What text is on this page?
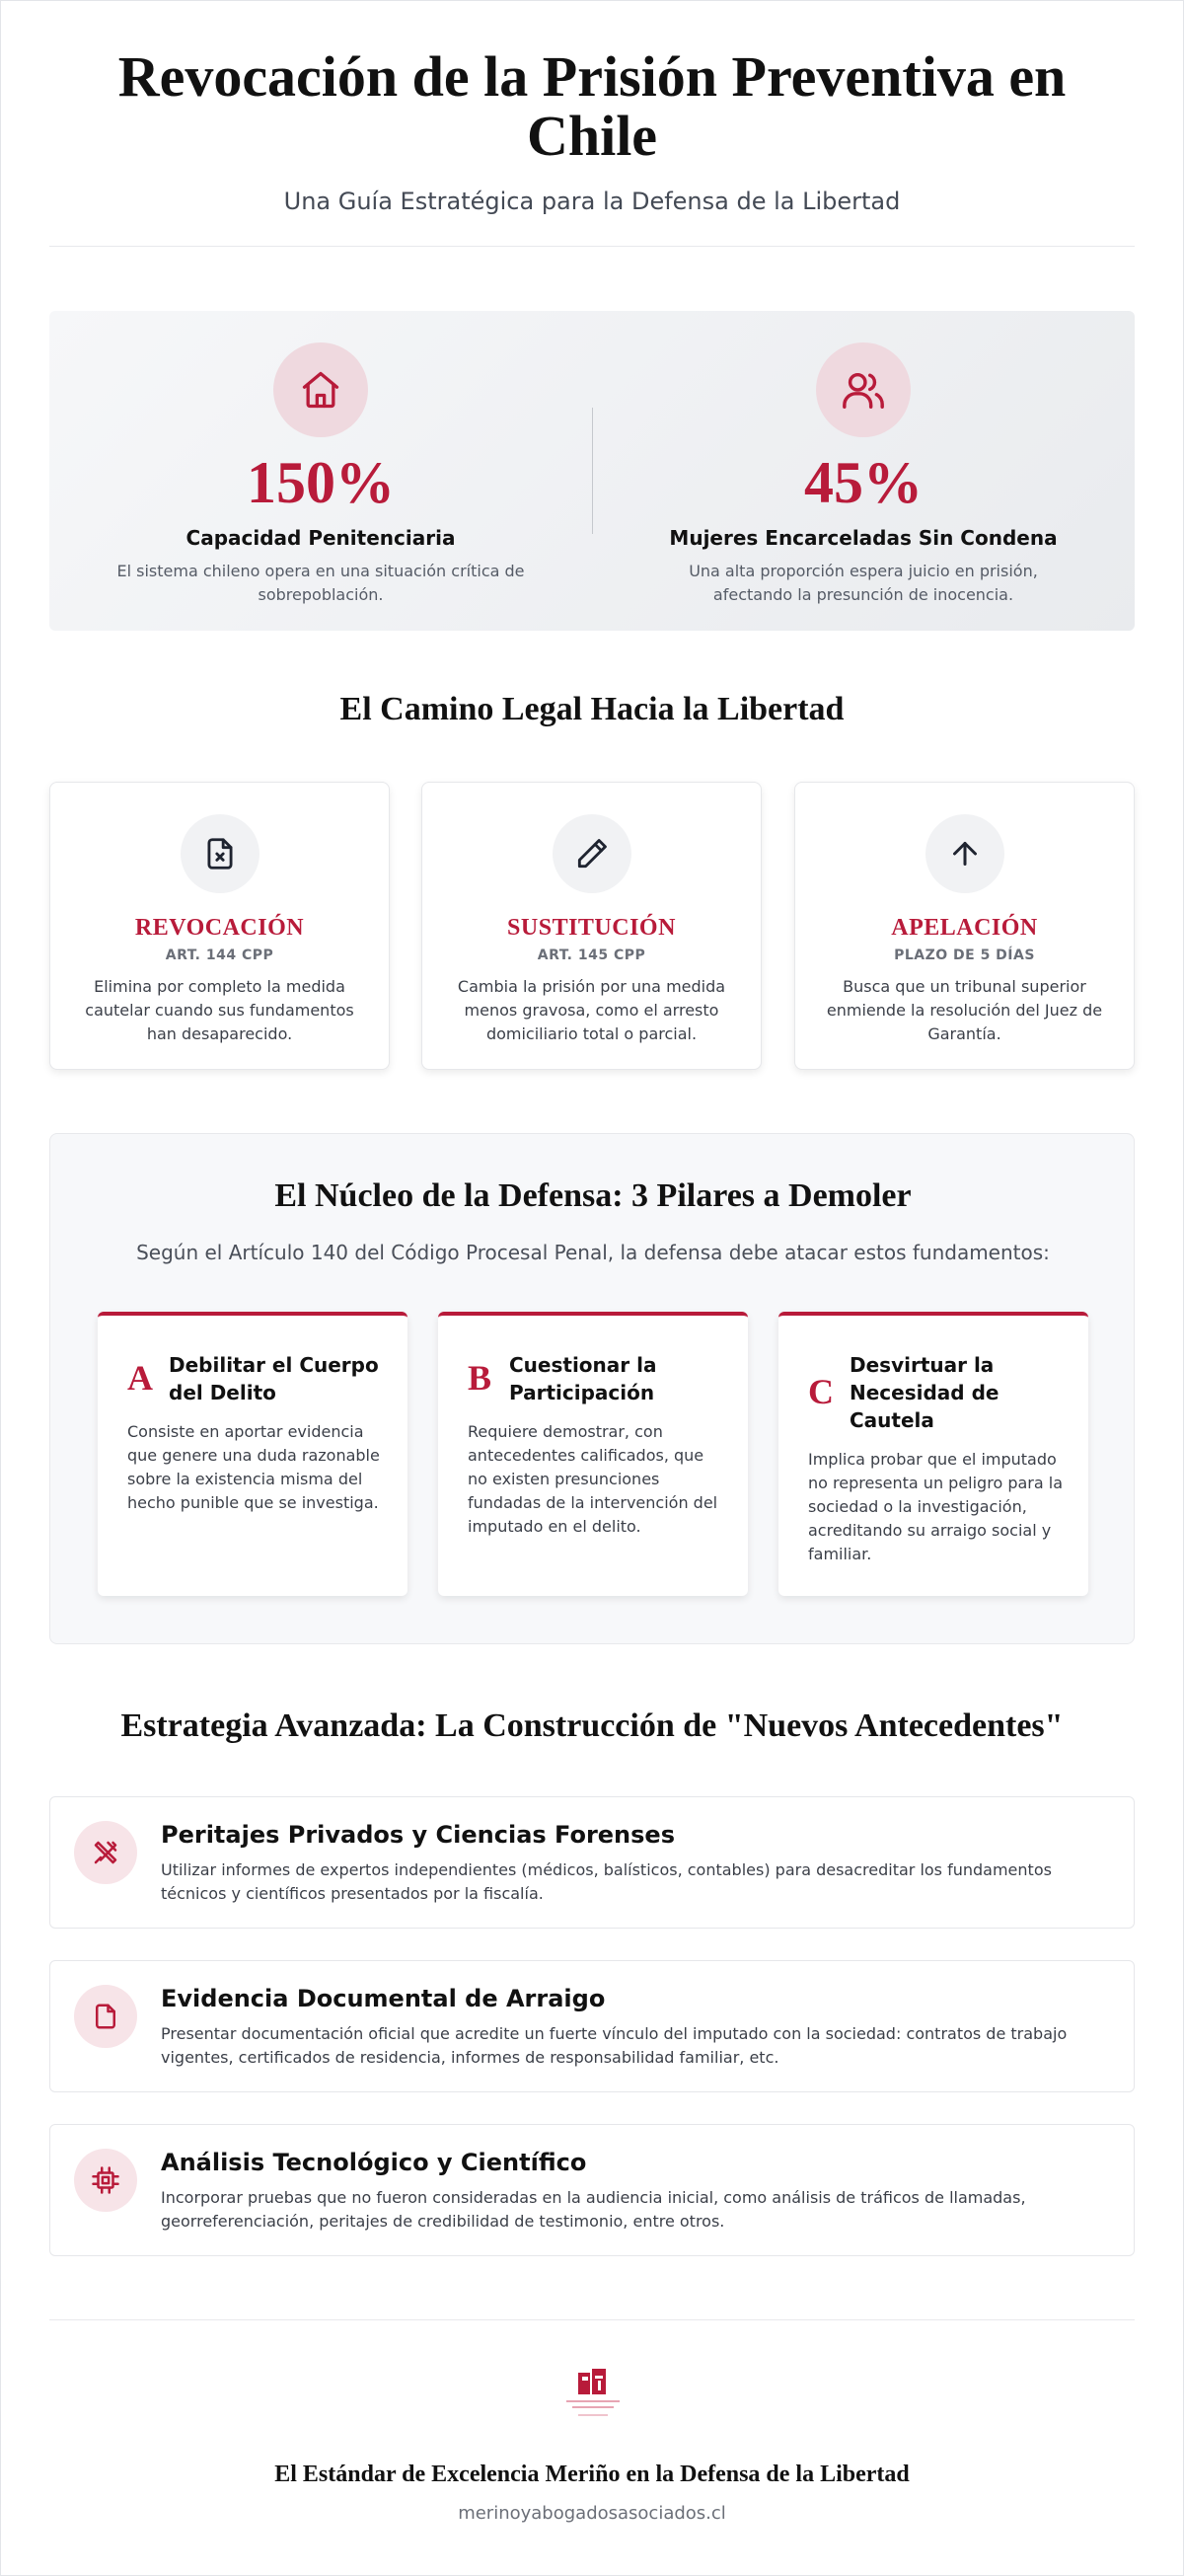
Revocación de la Prisión Preventiva en Chile
Una Guía Estratégica para la Defensa de la Libertad
150%
Capacidad Penitenciaria
El sistema chileno opera en una situación crítica de sobrepoblación.
45%
Mujeres Encarceladas Sin Condena
Una alta proporción espera juicio en prisión, afectando la presunción de inocencia.
El Camino Legal Hacia la Libertad
REVOCACIÓN
ART. 144 CPP
Elimina por completo la medida cautelar cuando sus fundamentos han desaparecido.
SUSTITUCIÓN
ART. 145 CPP
Cambia la prisión por una medida menos gravosa, como el arresto domiciliario total o parcial.
APELACIÓN
PLAZO DE 5 DÍAS
Busca que un tribunal superior enmiende la resolución del Juez de Garantía.
El Núcleo de la Defensa: 3 Pilares a Demoler
Según el Artículo 140 del Código Procesal Penal, la defensa debe atacar estos fundamentos:
A Debilitar el Cuerpo del Delito
Consiste en aportar evidencia que genere una duda razonable sobre la existencia misma del hecho punible que se investiga.
B Cuestionar la Participación
Requiere demostrar, con antecedentes calificados, que no existen presunciones fundadas de la intervención del imputado en el delito.
C
Desvirtuar la Necesidad de Cautela
Implica probar que el imputado no representa un peligro para la sociedad o la investigación, acreditando su arraigo social y familiar.
Estrategia Avanzada: La Construcción de "Nuevos Antecedentes"
Peritajes Privados y Ciencias Forenses
Utilizar informes de expertos independientes (médicos, balísticos, contables) para desacreditar los fundamentos técnicos y científicos presentados por la fiscalía.
Evidencia Documental de Arraigo
Presentar documentación oficial que acredite un fuerte vínculo del imputado con la sociedad: contratos de trabajo vigentes, certificados de residencia, informes de responsabilidad familiar, etc.
Análisis Tecnológico y Científico
Incorporar pruebas que no fueron consideradas en la audiencia inicial, como análisis de tráficos de llamadas, georreferenciación, peritajes de credibilidad de testimonio, entre otros.
El Estándar de Excelencia Meriño en la Defensa de la Libertad
merinoyabogadosasociados.cl
